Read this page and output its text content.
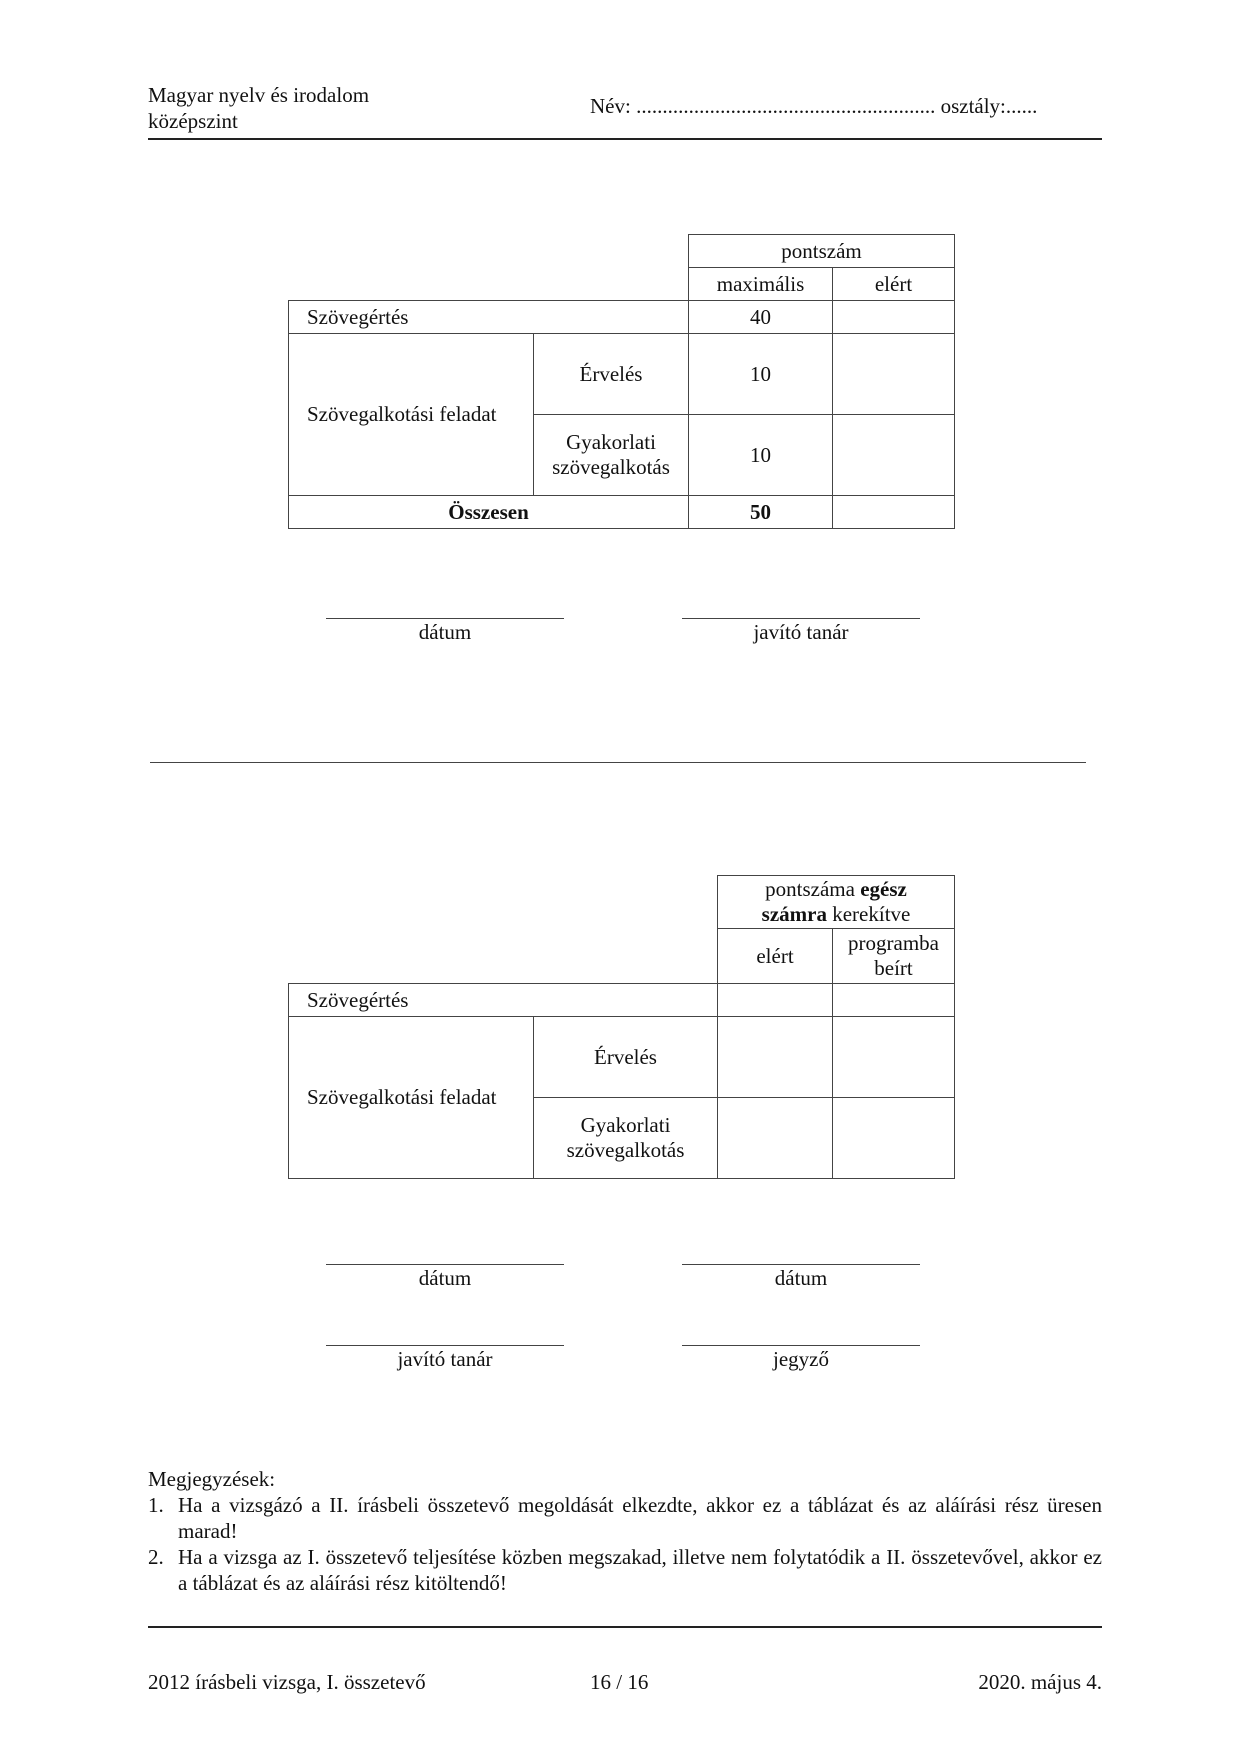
Magyar nyelv és irodalom
középszint
Név: ......................................................... osztály:......
		pontszám	
		maximális	elért
Szövegértés		40	
Szövegalkotási feladat	Érvelés	10	

	Gyakorlati
szövegalkotás	10	
Összesen		50	
dátum	javító tanár
		pontszáma egész
számra kerekítve	
		elért	programba
beírt

Szövegértés			
Szövegalkotási feladat	Érvelés		

	Gyakorlati
szövegalkotás		

dátum	dátum
javító tanár	jegyző
Megjegyzések:
1. Ha a vizsgázó a II. írásbeli összetevő megoldását elkezdte, akkor ez a táblázat és az aláírási rész üresen marad!
2. Ha a vizsga az I. összetevő teljesítése közben megszakad, illetve nem folytatódik a II. összetevővel, akkor ez a táblázat és az aláírási rész kitöltendő!
2012 írásbeli vizsga, I. összetevő	16 / 16	2020. május 4.
